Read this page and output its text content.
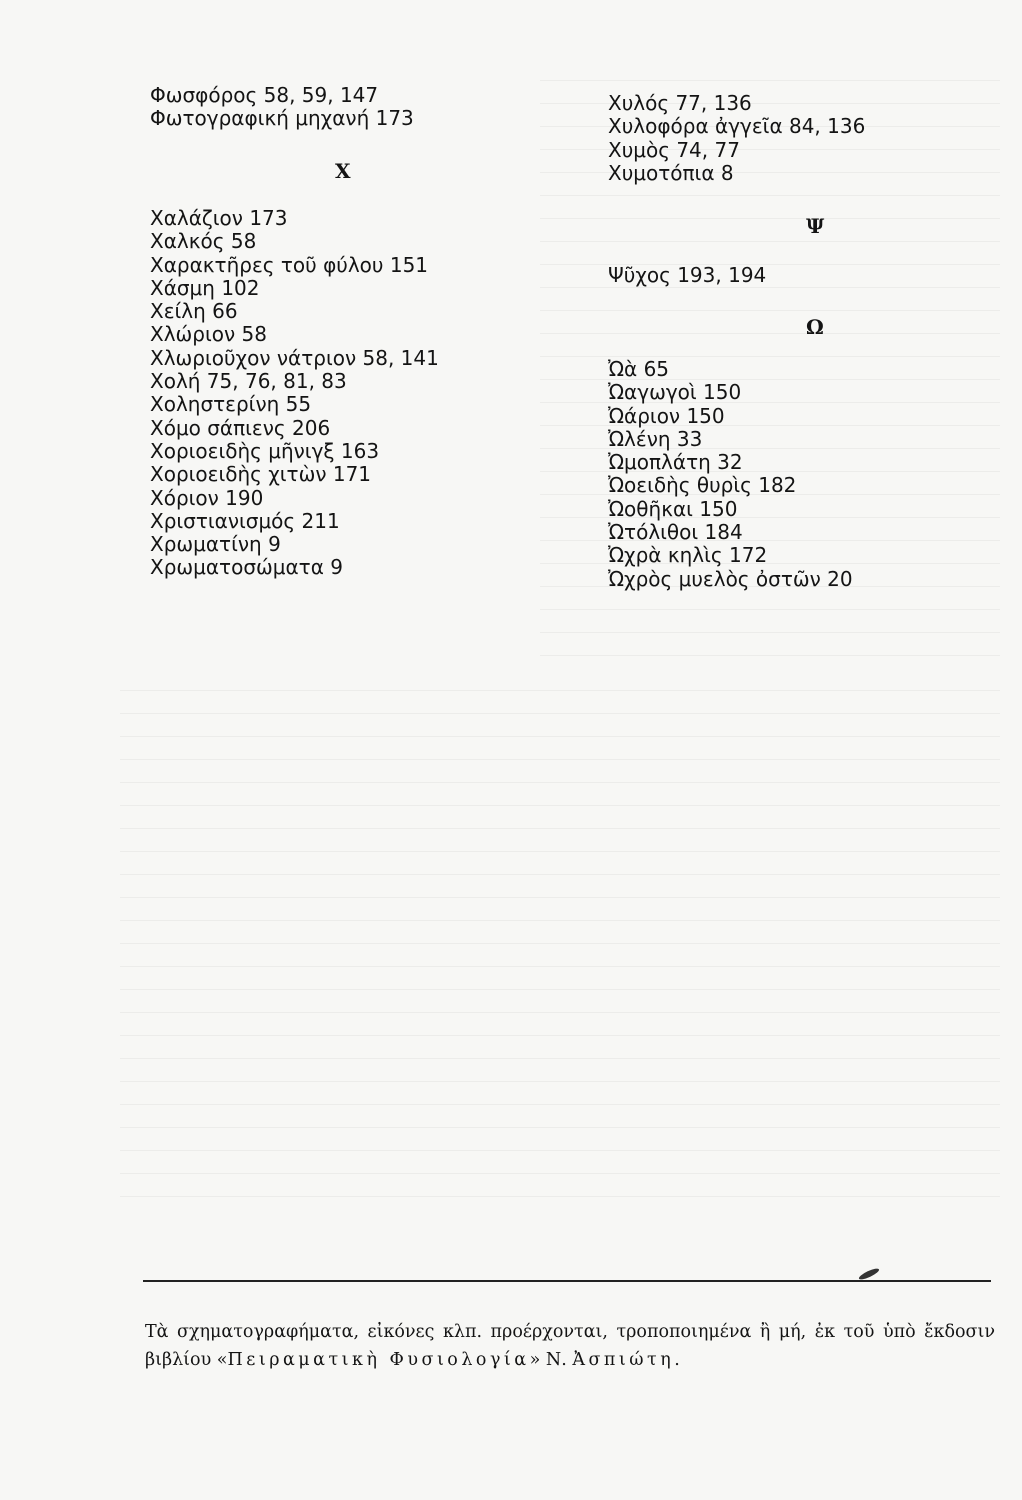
Φωσφόρος 58, 59, 147
Φωτογραφική μηχανή 173
Χ
Χαλάζιον 173
Χαλκός 58
Χαρακτῆρες τοῦ φύλου 151
Χάσμη 102
Χείλη 66
Χλώριον 58
Χλωριοῦχον νάτριον 58, 141
Χολή 75, 76, 81, 83
Χοληστερίνη 55
Χόμο σάπιενς 206
Χοριοειδὴς μῆνιγξ 163
Χοριοειδὴς χιτὼν 171
Χόριον 190
Χριστιανισμός 211
Χρωματίνη 9
Χρωματοσώματα 9
Χυλός 77, 136
Χυλοφόρα ἀγγεῖα 84, 136
Χυμὸς 74, 77
Χυμοτόπια 8
Ψ
Ψῦχος 193, 194
Ω
Ὠὰ 65
Ὠαγωγοὶ 150
Ὠάριον 150
Ὠλένη 33
Ὠμοπλάτη 32
Ὠοειδὴς θυρὶς 182
Ὠοθῆκαι 150
Ὠτόλιθοι 184
Ὠχρὰ κηλὶς 172
Ὠχρὸς μυελὸς ὀστῶν 20
Τὰ σχηματογραφήματα, εἰκόνες κλπ. προέρχονται, τροποποιημένα ἢ μή, ἐκ τοῦ ὑπὸ ἔκδοσιν βιβλίου «Πειραματικὴ Φυσιολογία» Ν. Ἀσπιώτη.
